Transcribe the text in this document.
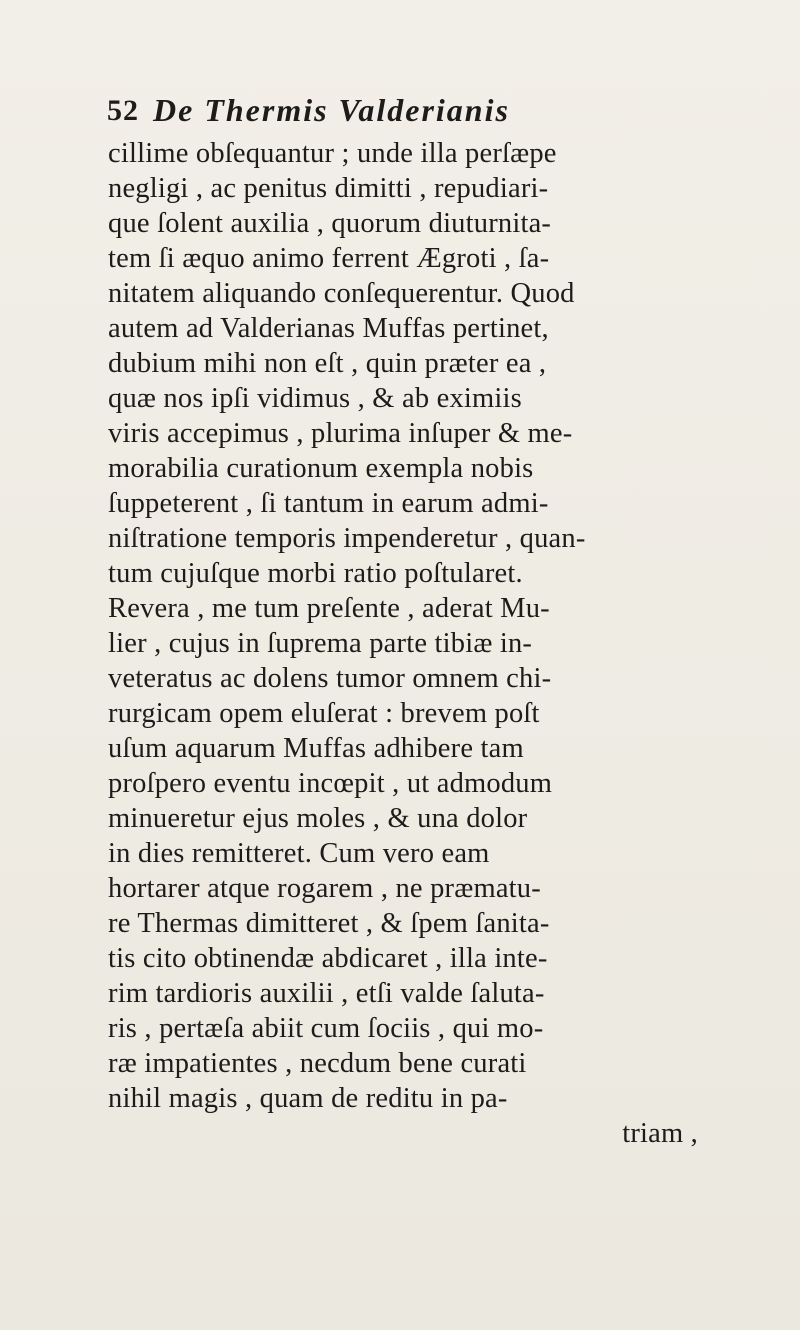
52 De Thermis Valderianis
cillime obſequantur ; unde illa perſæpe
negligi , ac penitus dimitti , repudiari-
que ſolent auxilia , quorum diuturnita-
tem ſi æquo animo ferrent Ægroti , ſa-
nitatem aliquando conſequerentur. Quod
autem ad Valderianas Muffas pertinet,
dubium mihi non eſt , quin præter ea ,
quæ nos ipſi vidimus , & ab eximiis
viris accepimus , plurima inſuper & me-
morabilia curationum exempla nobis
ſuppeterent , ſi tantum in earum admi-
niſtratione temporis impenderetur , quan-
tum cujuſque morbi ratio poſtularet.
Revera , me tum preſente , aderat Mu-
lier , cujus in ſuprema parte tibiæ in-
veteratus ac dolens tumor omnem chi-
rurgicam opem eluſerat : brevem poſt
uſum aquarum Muffas adhibere tam
proſpero eventu incœpit , ut admodum
minueretur ejus moles , & una dolor
in dies remitteret. Cum vero eam
hortarer atque rogarem , ne præmatu-
re Thermas dimitteret , & ſpem ſanita-
tis cito obtinendæ abdicaret , illa inte-
rim tardioris auxilii , etſi valde ſaluta-
ris , pertæſa abiit cum ſociis , qui mo-
ræ impatientes , necdum bene curati
nihil magis , quam de reditu in pa-
triam ,
